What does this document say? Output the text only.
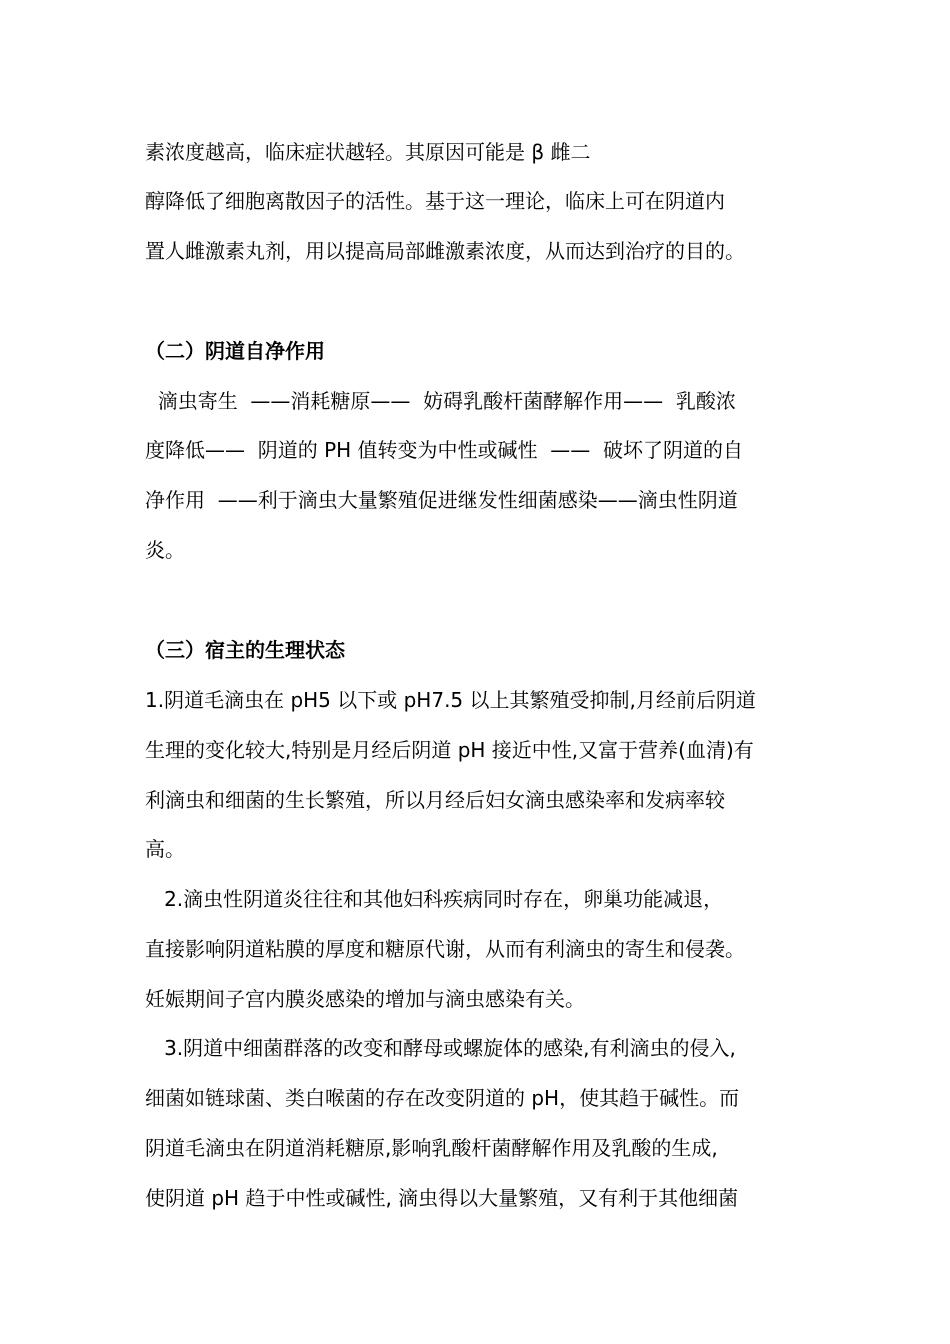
素浓度越高，临床症状越轻。其原因可能是 β 雌二
醇降低了细胞离散因子的活性。基于这一理论，临床上可在阴道内
置人雌激素丸剂，用以提高局部雌激素浓度，从而达到治疗的目的。
（二）阴道自净作用
滴虫寄生  ——消耗糖原——  妨碍乳酸杆菌酵解作用——  乳酸浓
度降低——  阴道的 PH 值转变为中性或碱性  ——  破坏了阴道的自
净作用  ——利于滴虫大量繁殖促进继发性细菌感染——滴虫性阴道
炎。
（三）宿主的生理状态
1.阴道毛滴虫在 pH5 以下或 pH7.5 以上其繁殖受抑制,月经前后阴道
生理的变化较大,特别是月经后阴道 pH 接近中性,又富于营养(血清)有
利滴虫和细菌的生长繁殖，所以月经后妇女滴虫感染率和发病率较
高。
2.滴虫性阴道炎往往和其他妇科疾病同时存在，卵巢功能减退，
直接影响阴道粘膜的厚度和糖原代谢，从而有利滴虫的寄生和侵袭。
妊娠期间子宫内膜炎感染的增加与滴虫感染有关。
3.阴道中细菌群落的改变和酵母或螺旋体的感染,有利滴虫的侵入,
细菌如链球菌、类白喉菌的存在改变阴道的 pH，使其趋于碱性。而
阴道毛滴虫在阴道消耗糖原,影响乳酸杆菌酵解作用及乳酸的生成,
使阴道 pH 趋于中性或碱性, 滴虫得以大量繁殖，又有利于其他细菌
